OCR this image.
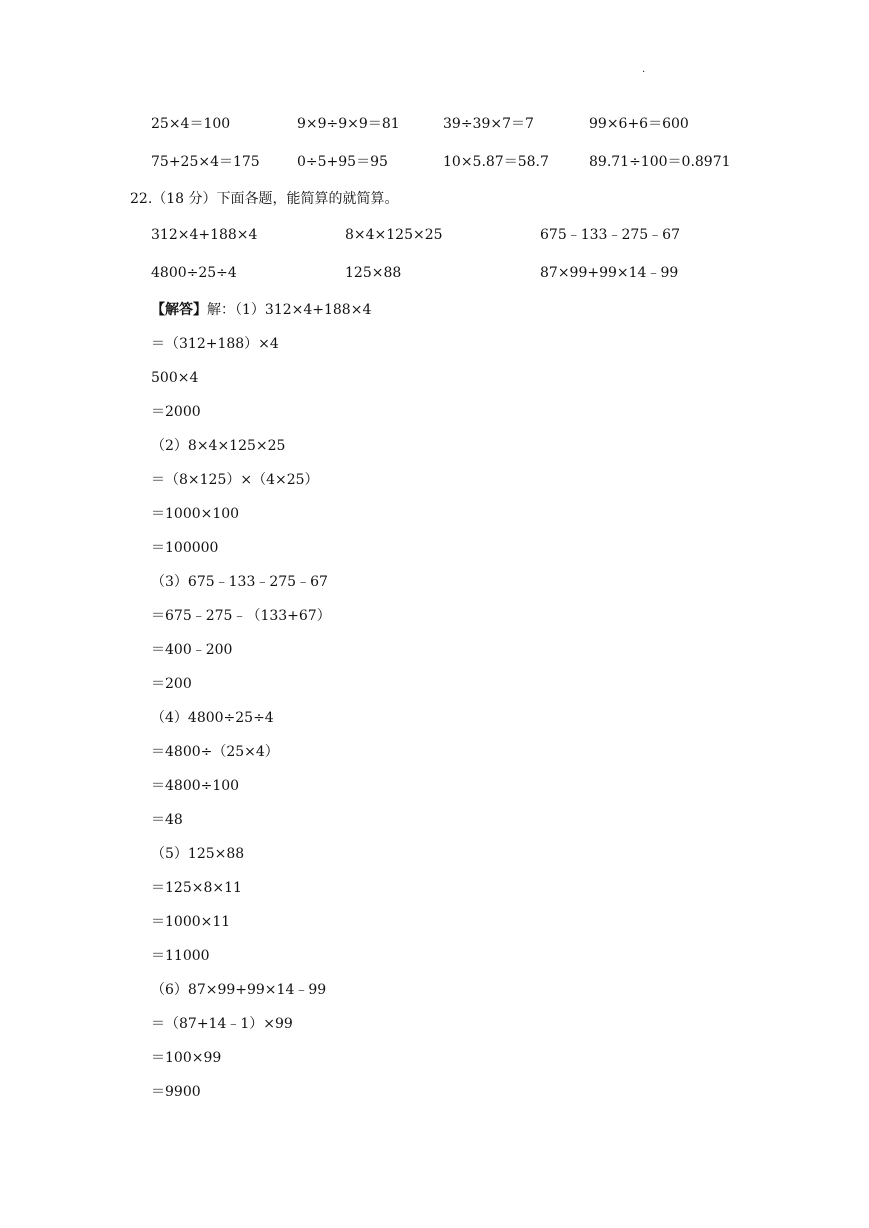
.
25×4＝100	9×9÷9×9＝81	39÷39×7＝7	99×6+6＝600
75+25×4＝175	0÷5+95＝95	10×5.87＝58.7	89.71÷100＝0.8971
22.（18 分）下面各题，能简算的就简算。
312×4+188×4	8×4×125×25	675﹣133﹣275﹣67
4800÷25÷4	125×88	87×99+99×14﹣99
【解答】解：（1）312×4+188×4
＝（312+188）×4
500×4
＝2000
（2）8×4×125×25
＝（8×125）×（4×25）
＝1000×100
＝100000
（3）675﹣133﹣275﹣67
＝675﹣275﹣（133+67）
＝400﹣200
＝200
（4）4800÷25÷4
＝4800÷（25×4）
＝4800÷100
＝48
（5）125×88
＝125×8×11
＝1000×11
＝11000
（6）87×99+99×14﹣99
＝（87+14﹣1）×99
＝100×99
＝9900
